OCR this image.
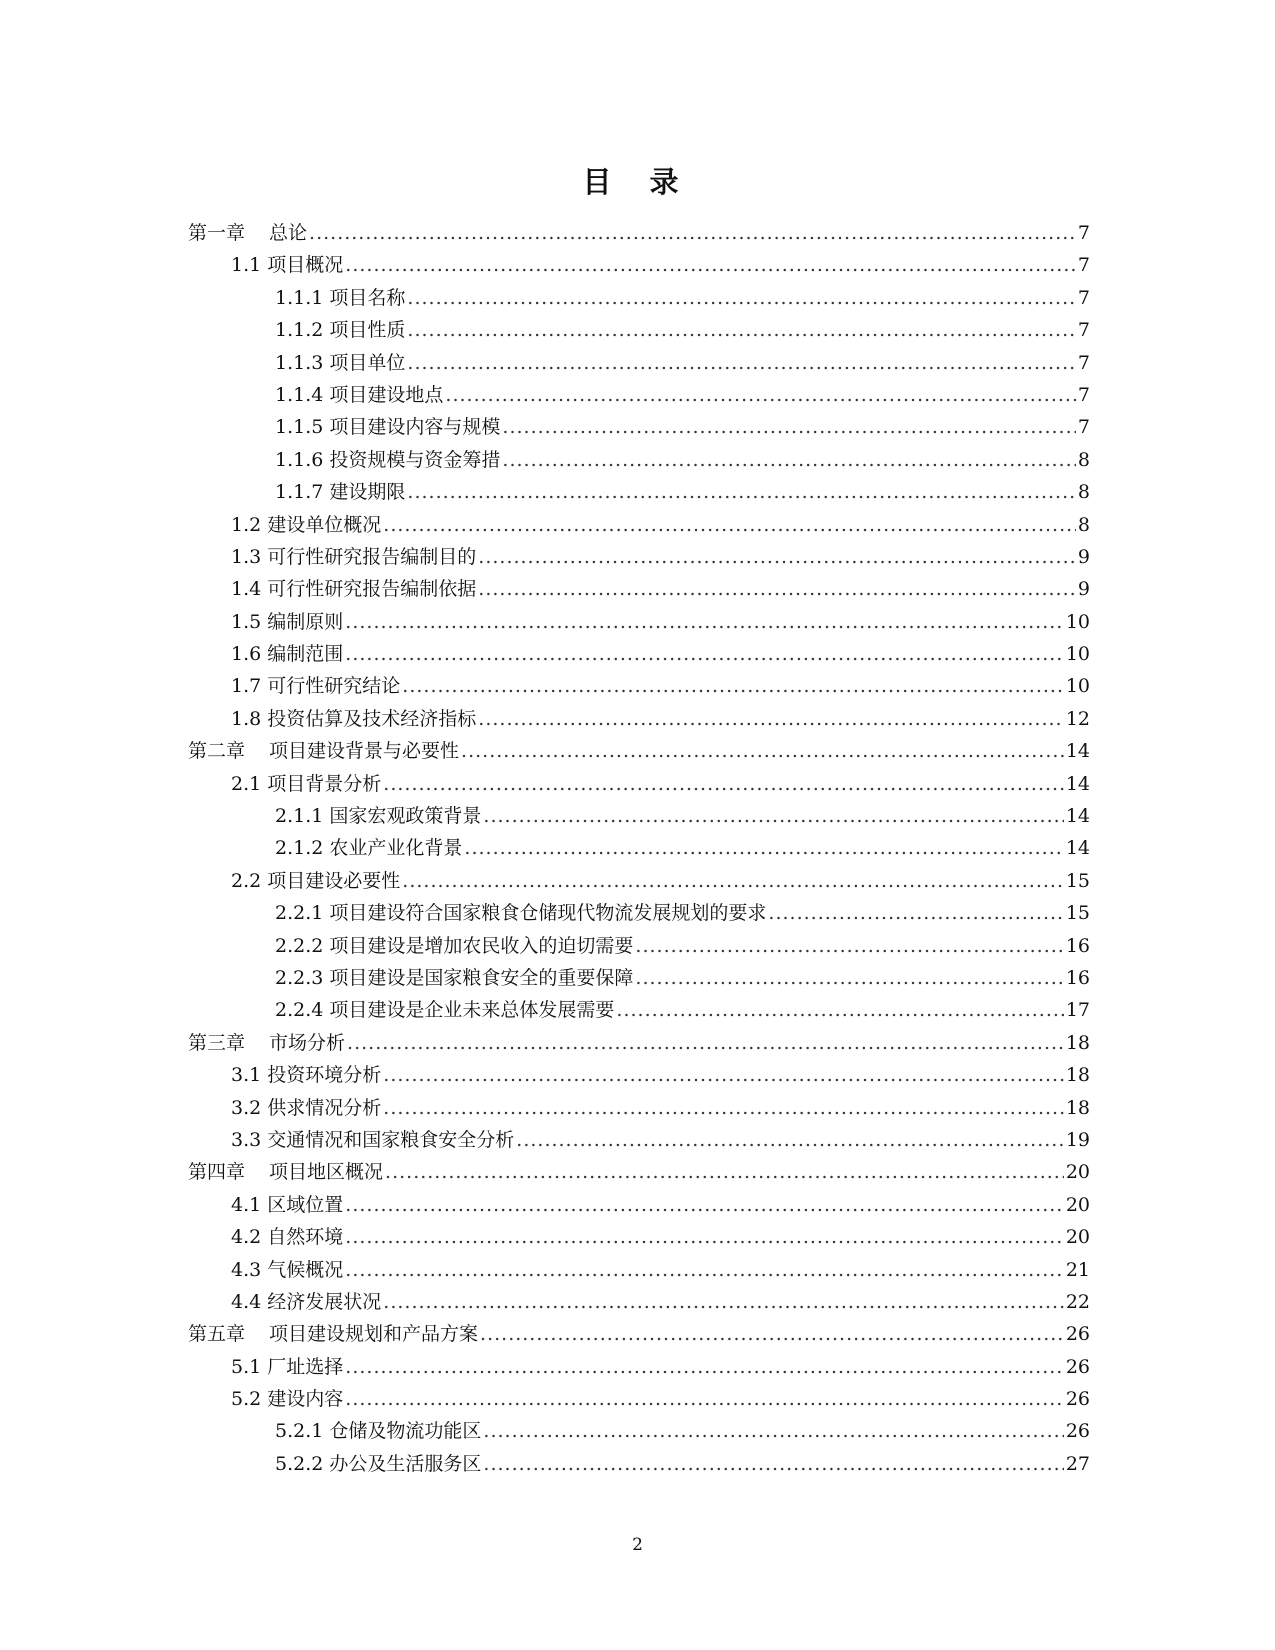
目 录
第一章 总论 .....	7
1.1 项目概况 .....	7
1.1.1 项目名称 .....	7
1.1.2 项目性质 .....	7
1.1.3 项目单位 .....	7
1.1.4 项目建设地点 .....	7
1.1.5 项目建设内容与规模 .....	7
1.1.6 投资规模与资金筹措 .....	8
1.1.7 建设期限 .....	8
1.2 建设单位概况 .....	8
1.3 可行性研究报告编制目的 .....	9
1.4 可行性研究报告编制依据 .....	9
1.5 编制原则 .....	10
1.6 编制范围 .....	10
1.7 可行性研究结论 .....	10
1.8 投资估算及技术经济指标 .....	12
第二章 项目建设背景与必要性 .....	14
2.1 项目背景分析 .....	14
2.1.1 国家宏观政策背景 .....	14
2.1.2 农业产业化背景 .....	14
2.2 项目建设必要性 .....	15
2.2.1 项目建设符合国家粮食仓储现代物流发展规划的要求 .....	15
2.2.2 项目建设是增加农民收入的迫切需要 .....	16
2.2.3 项目建设是国家粮食安全的重要保障 .....	16
2.2.4 项目建设是企业未来总体发展需要 .....	17
第三章 市场分析 .....	18
3.1 投资环境分析 .....	18
3.2 供求情况分析 .....	18
3.3 交通情况和国家粮食安全分析 .....	19
第四章 项目地区概况 .....	20
4.1 区域位置 .....	20
4.2 自然环境 .....	20
4.3 气候概况 .....	21
4.4 经济发展状况 .....	22
第五章 项目建设规划和产品方案 .....	26
5.1 厂址选择 .....	26
5.2 建设内容 .....	26
5.2.1 仓储及物流功能区 .....	26
5.2.2 办公及生活服务区 .....	27
2
